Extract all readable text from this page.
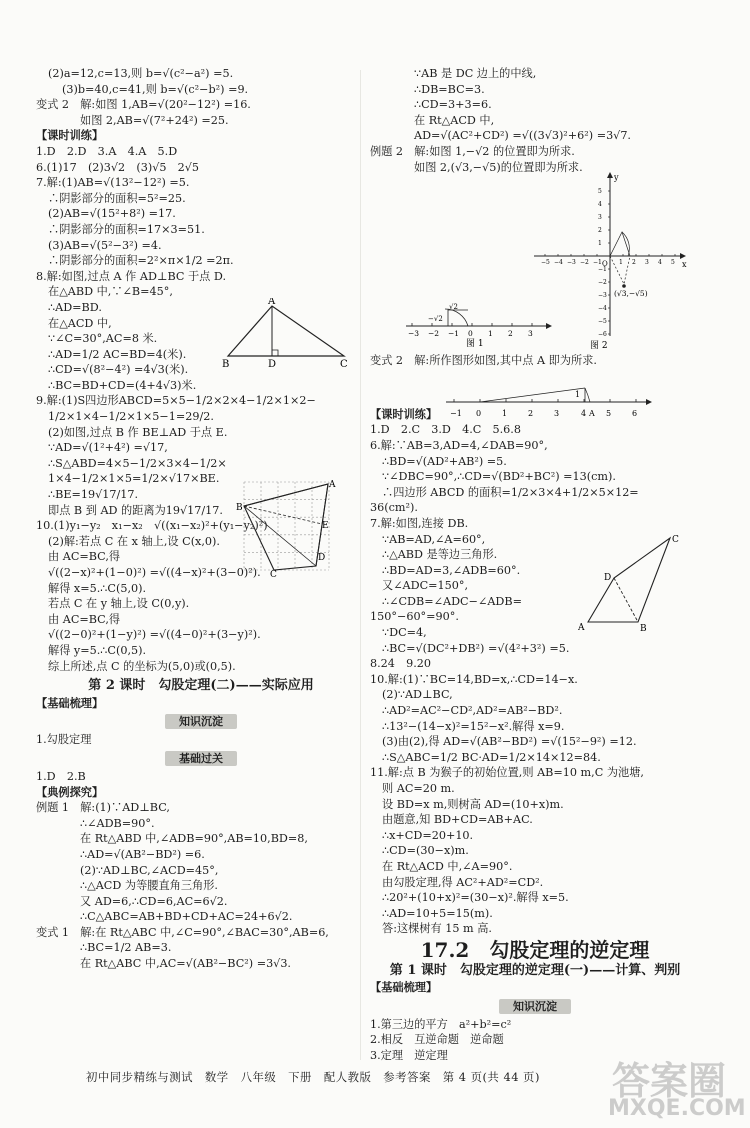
(2)a=12,c=13,则 b=√(c²−a²) =5.
(3)b=40,c=41,则 b=√(c²−b²) =9.
变式 2　解:如图 1,AB=√(20²−12²) =16.
如图 2,AB=√(7²+24²) =25.
【课时训练】
1.D　2.D　3.A　4.A　5.D
6.(1)17　(2)3√2　(3)√5　2√5
7.解:(1)AB=√(13²−12²) =5.
∴阴影部分的面积=5²=25.
(2)AB=√(15²+8²) =17.
∴阴影部分的面积=17×3=51.
(3)AB=√(5²−3²) =4.
∴阴影部分的面积=2²×π×1/2 =2π.
8.解:如图,过点 A 作 AD⊥BC 于点 D.
在△ABD 中,∵∠B=45°,
∴AD=BD.
在△ACD 中,
∵∠C=30°,AC=8 米.
∴AD=1/2 AC=BD=4(米).
∴CD=√(8²−4²) =4√3(米).
∴BC=BD+CD=(4+4√3)米.
9.解:(1)S四边形ABCD=5×5−1/2×2×4−1/2×1×2−
1/2×1×4−1/2×1×5−1=29/2.
(2)如图,过点 B 作 BE⊥AD 于点 E.
∵AD=√(1²+4²) =√17,
∴S△ABD=4×5−1/2×3×4−1/2×
1×4−1/2×1×5=1/2×√17×BE.
∴BE=19√17/17.
即点 B 到 AD 的距离为19√17/17.
10.(1)y₁−y₂　x₁−x₂　√((x₁−x₂)²+(y₁−y₂)²)
(2)解:若点 C 在 x 轴上,设 C(x,0).
由 AC=BC,得
√((2−x)²+(1−0)²) =√((4−x)²+(3−0)²).
解得 x=5.∴C(5,0).
若点 C 在 y 轴上,设 C(0,y).
由 AC=BC,得
√((2−0)²+(1−y)²) =√((4−0)²+(3−y)²).
解得 y=5.∴C(0,5).
综上所述,点 C 的坐标为(5,0)或(0,5).
第 2 课时　勾股定理(二)——实际应用
【基础梳理】
知识沉淀
1.勾股定理
基础过关
1.D　2.B
【典例探究】
例题 1　解:(1)∵AD⊥BC,
∴∠ADB=90°.
在 Rt△ABD 中,∠ADB=90°,AB=10,BD=8,
∴AD=√(AB²−BD²) =6.
(2)∵AD⊥BC,∠ACD=45°,
∴△ACD 为等腰直角三角形.
又 AD=6,∴CD=6,AC=6√2.
∴C△ABC=AB+BD+CD+AC=24+6√2.
变式 1　解:在 Rt△ABC 中,∠C=90°,∠BAC=30°,AB=6,
∴BC=1/2 AB=3.
在 Rt△ABC 中,AC=√(AB²−BC²) =3√3.
A
B	D	C
B
A
E
D
C
∵AB 是 DC 边上的中线,
∴DB=BC=3.
∴CD=3+3=6.
在 Rt△ACD 中,
AD=√(AC²+CD²) =√((3√3)²+6²) =3√7.
例题 2　解:如图 1,−√2 的位置即为所求.
如图 2,(√3,−√5)的位置即为所求.
变式 2　解:所作图形如图,其中点 A 即为所求.
【课时训练】
1.D　2.C　3.D　4.C　5.6.8
6.解:∵AB=3,AD=4,∠DAB=90°,
∴BD=√(AD²+AB²) =5.
∵∠DBC=90°,∴CD=√(BD²+BC²) =13(cm).
∴四边形 ABCD 的面积=1/2×3×4+1/2×5×12=
36(cm²).
7.解:如图,连接 DB.
∵AB=AD,∠A=60°,
∴△ABD 是等边三角形.
∴BD=AD=3,∠ADB=60°.
又∠ADC=150°,
∴∠CDB=∠ADC−∠ADB=
150°−60°=90°.
∵DC=4,
∴BC=√(DC²+DB²) =√(4²+3²) =5.
8.24　9.20
10.解:(1)∵BC=14,BD=x,∴CD=14−x.
(2)∵AD⊥BC,
∴AD²=AC²−CD²,AD²=AB²−BD².
∴13²−(14−x)²=15²−x².解得 x=9.
(3)由(2),得 AD=√(AB²−BD²) =√(15²−9²) =12.
∴S△ABC=1/2 BC·AD=1/2×14×12=84.
11.解:点 B 为猴子的初始位置,则 AB=10 m,C 为池塘,
则 AC=20 m.
设 BD=x m,则树高 AD=(10+x)m.
由题意,知 BD+CD=AB+AC.
∴x+CD=20+10.
∴CD=(30−x)m.
在 Rt△ACD 中,∠A=90°.
由勾股定理,得 AC²+AD²=CD².
∴20²+(10+x)²=(30−x)².解得 x=5.
∴AD=10+5=15(m).
答:这棵树有 15 m 高.
17.2　勾股定理的逆定理
第 1 课时　勾股定理的逆定理(一)——计算、判别
【基础梳理】
知识沉淀
1.第三边的平方　a²+b²=c²
2.相反　互逆命题　逆命题
3.定理　逆定理
−3 −2 −1 0 1 2 3
√2
−√2
图 1
−5 −4 −3 −2 −1	1 2 3 4 5
5
4
3
2
1
−1
−2
−3
−4
−5
−6
x
y
O
(√3,−√5)
图 2
−1 0	1	2	3	5	6
1
A
4
A
D
C
B
初中同步精练与测试　数学　八年级　下册　配人教版　参考答案　第 4 页(共 44 页) 答案圈
MXQE.COM
